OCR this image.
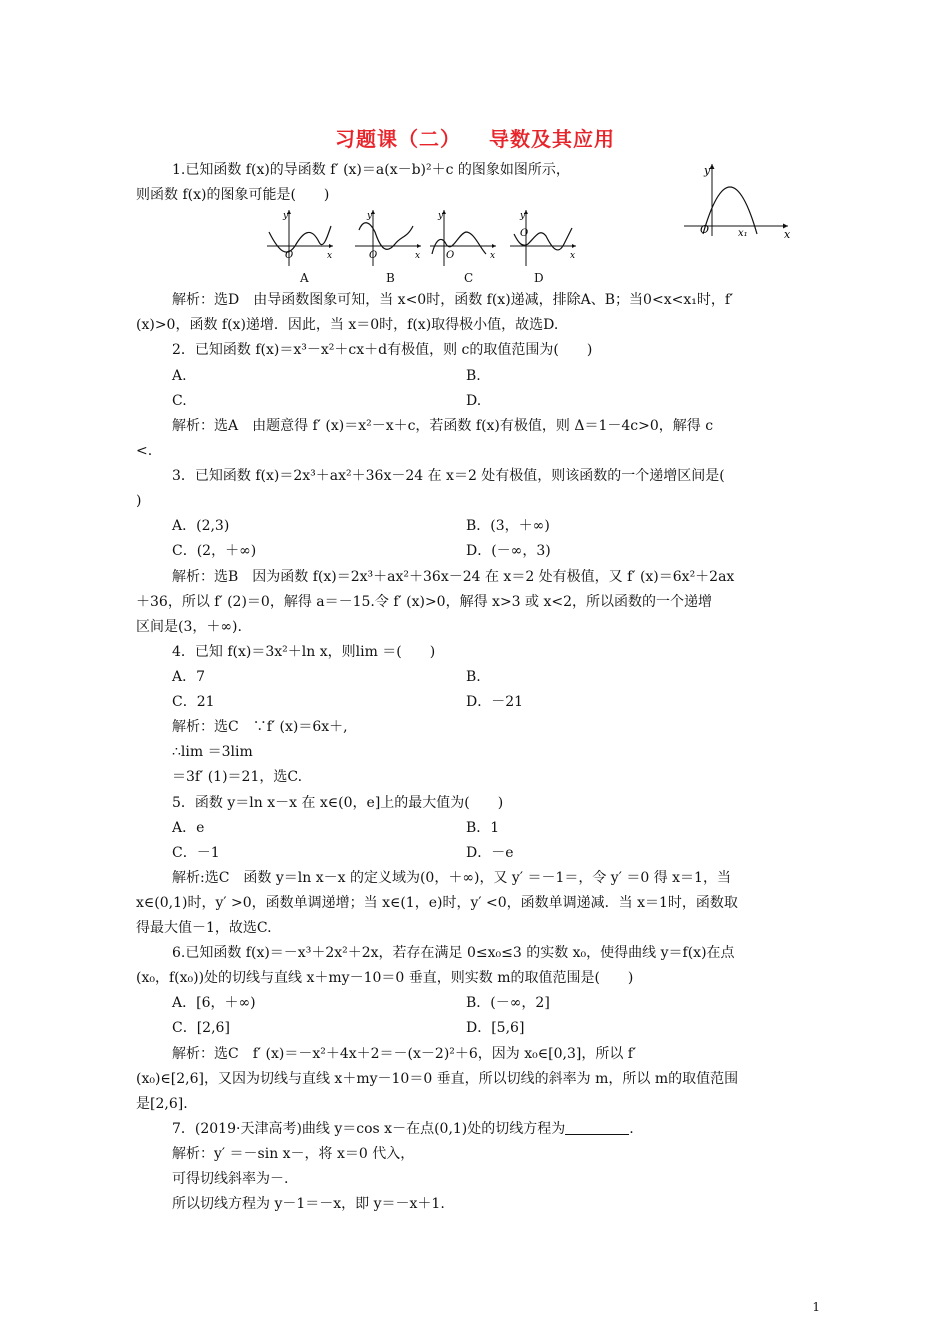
习题课（二） 导数及其应用
1.已知函数 f(x)的导函数 f′ (x)＝a(x－b)²＋c 的图象如图所示，
则函数 f(x)的图象可能是(　　)
y
O	x
x₁
y
O	x
y
O	x
y
O	x
y
O
x
A	B	C	D
解析：选D　由导函数图象可知，当 x<0时，函数 f(x)递减，排除A、B；当0<x<x₁时，f′
(x)>0，函数 f(x)递增．因此，当 x＝0时，f(x)取得极小值，故选D.
2．已知函数 f(x)＝x³－x²＋cx＋d有极值，则 c的取值范围为(　　)
A.	B.
C.	D.
解析：选A　由题意得 f′ (x)＝x²－x＋c，若函数 f(x)有极值，则 Δ＝1－4c>0，解得 c
<.
3．已知函数 f(x)＝2x³＋ax²＋36x－24 在 x＝2 处有极值，则该函数的一个递增区间是(
)
A．(2,3)	B．(3，＋∞)
C．(2，＋∞)	D．(－∞，3)
解析：选B　因为函数 f(x)＝2x³＋ax²＋36x－24 在 x＝2 处有极值，又 f′ (x)＝6x²＋2ax
＋36，所以 f′ (2)＝0，解得 a＝－15.令 f′ (x)>0，解得 x>3 或 x<2，所以函数的一个递增
区间是(3，＋∞).
4．已知 f(x)＝3x²＋ln x，则lim ＝(　　)
A．7	B.
C．21	D．－21
解析：选C　∵f′ (x)＝6x＋,
∴lim ＝3lim
＝3f′ (1)＝21，选C.
5．函数 y＝ln x－x 在 x∈(0，e]上的最大值为(　　)
A．e	B．1
C．－1	D．－e
解析:选C　函数 y＝ln x－x 的定义域为(0，＋∞)，又 y′ ＝－1＝，令 y′ ＝0 得 x＝1，当
x∈(0,1)时，y′ >0，函数单调递增；当 x∈(1，e)时，y′ <0，函数单调递减．当 x＝1时，函数取
得最大值－1，故选C.
6.已知函数 f(x)＝－x³＋2x²＋2x，若存在满足 0≤x₀≤3 的实数 x₀，使得曲线 y＝f(x)在点
(x₀，f(x₀))处的切线与直线 x＋my－10＝0 垂直，则实数 m的取值范围是(　　)
A．[6，＋∞)	B．(－∞，2]
C．[2,6]	D．[5,6]
解析：选C　f′ (x)＝－x²＋4x＋2＝－(x－2)²＋6，因为 x₀∈[0,3]，所以 f′
(x₀)∈[2,6]，又因为切线与直线 x＋my－10＝0 垂直，所以切线的斜率为 m，所以 m的取值范围
是[2,6].
7．(2019·天津高考)曲线 y＝cos x－在点(0,1)处的切线方程为	.
解析：y′ ＝－sin x－，将 x＝0 代入，
可得切线斜率为－.
所以切线方程为 y－1＝－x，即 y＝－x＋1.
1
